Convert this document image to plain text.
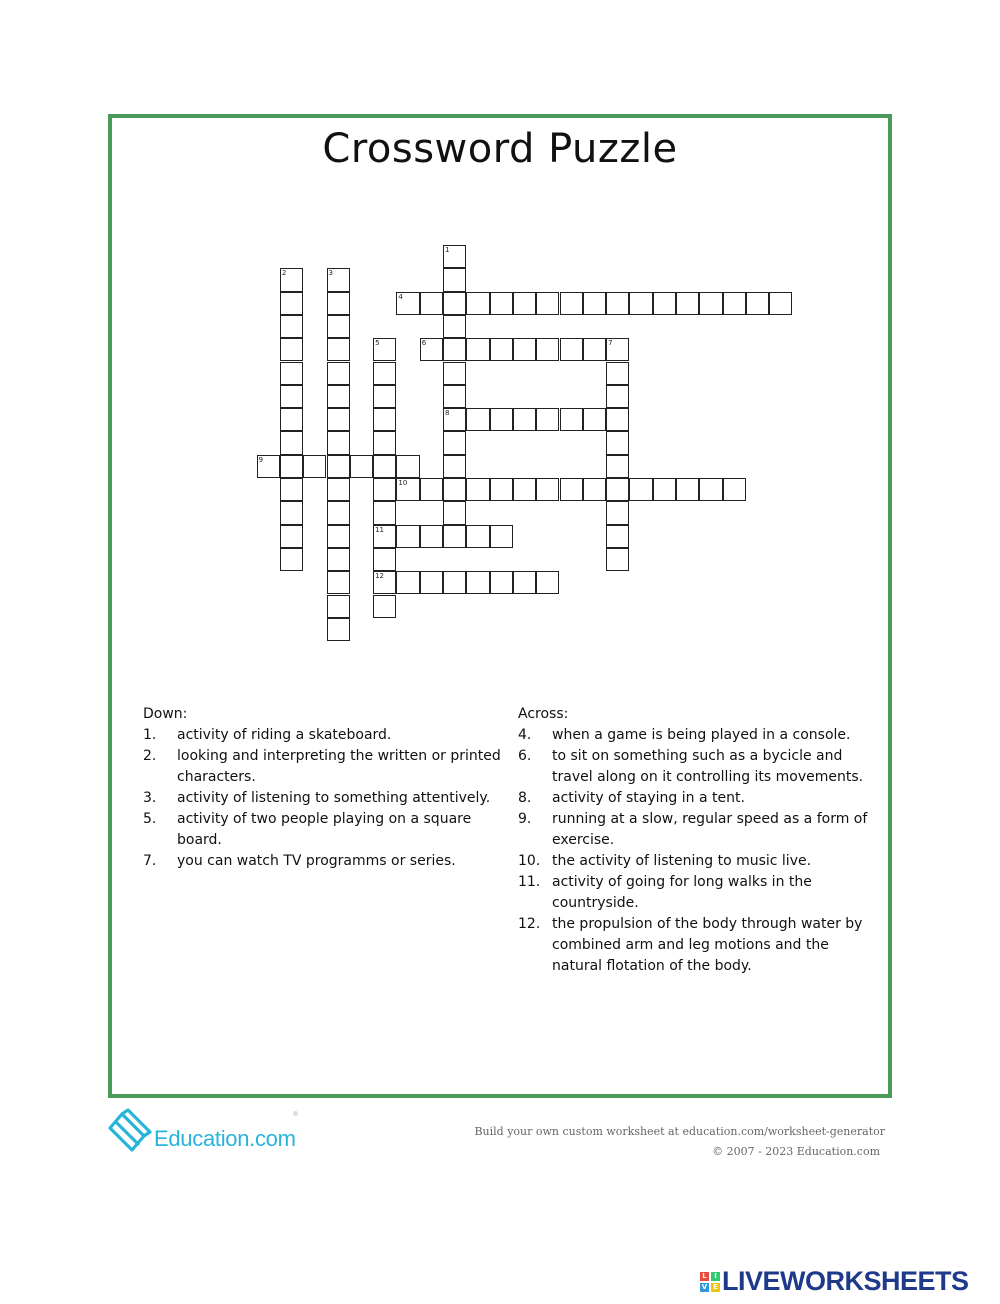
Crossword Puzzle
1
8
2	3
4
5
11
12
6	7
9
10
Down:
1. activity of riding a skateboard.
2. looking and interpreting the written or printed characters.
3. activity of listening to something attentively.
5. activity of two people playing on a square board.
7. you can watch TV programms or series.
Across:
4. when a game is being played in a console.
6. to sit on something such as a bycicle and travel along on it controlling its movements.
8. activity of staying in a tent.
9. running at a slow, regular speed as a form of exercise.
10. the activity of listening to music live.
11. activity of going for long walks in the countryside.
12. the propulsion of the body through water by combined arm and leg motions and the natural flotation of the body.
Education.com	Build your own custom worksheet at education.com/worksheet-generator
© 2007 - 2023 Education.com
L	I
V E LIVEWORKSHEETS
